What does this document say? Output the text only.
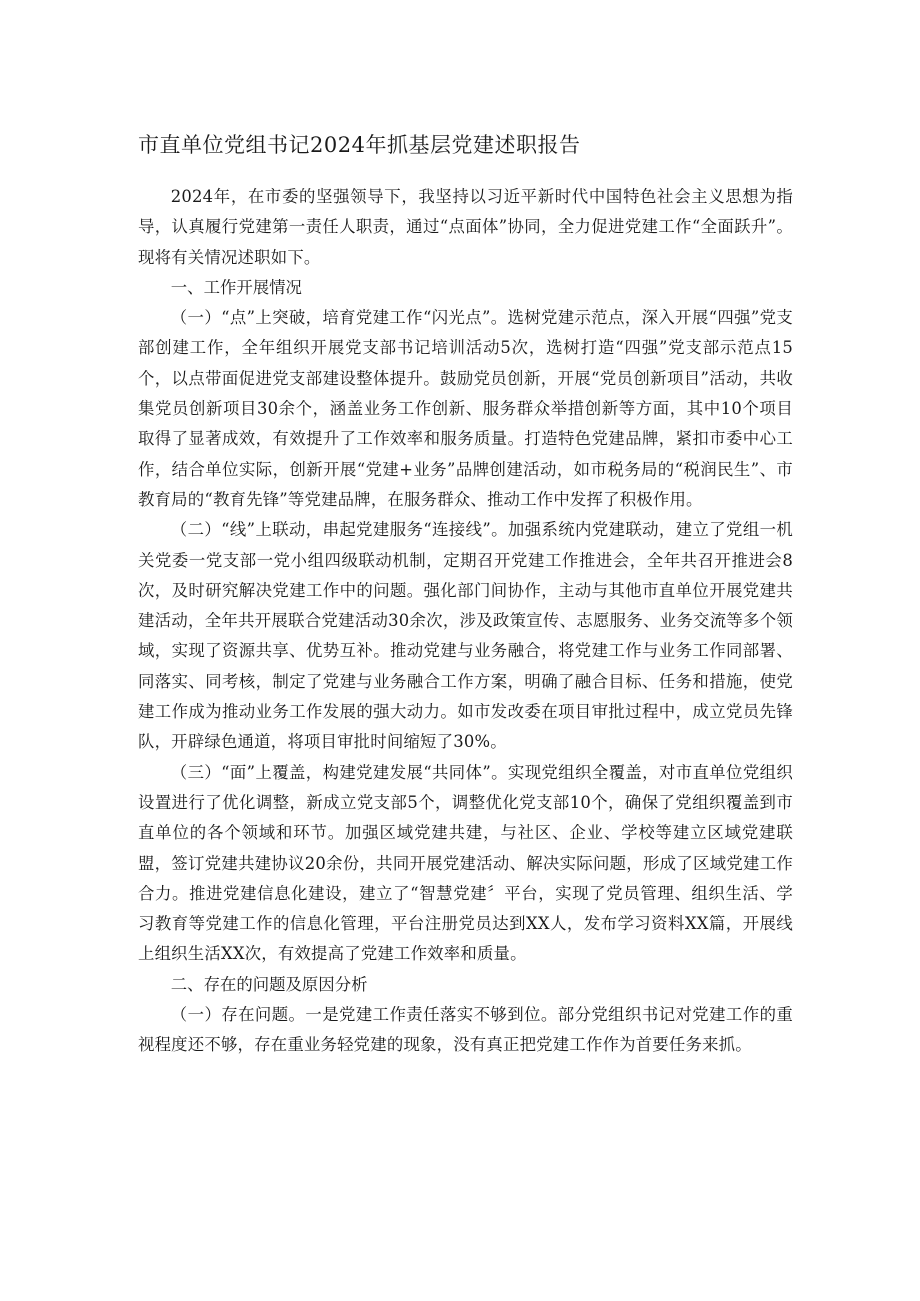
市直单位党组书记2024年抓基层党建述职报告

2024年，在市委的坚强领导下，我坚持以习近平新时代中国特色社会主义思想为指导，认真履行党建第一责任人职责，通过“点面体”协同，全力促进党建工作“全面跃升”。现将有关情况述职如下。

一、工作开展情况

（一）“点”上突破，培育党建工作“闪光点”。选树党建示范点，深入开展“四强”党支部创建工作，全年组织开展党支部书记培训活动5次，选树打造“四强”党支部示范点15个，以点带面促进党支部建设整体提升。鼓励党员创新，开展“党员创新项目”活动，共收集党员创新项目30余个，涵盖业务工作创新、服务群众举措创新等方面，其中10个项目取得了显著成效，有效提升了工作效率和服务质量。打造特色党建品牌，紧扣市委中心工作，结合单位实际，创新开展“党建+业务”品牌创建活动，如市税务局的“税润民生”、市教育局的“教育先锋”等党建品牌，在服务群众、推动工作中发挥了积极作用。

（二）“线”上联动，串起党建服务“连接线”。加强系统内党建联动，建立了党组一机关党委一党支部一党小组四级联动机制，定期召开党建工作推进会，全年共召开推进会8次，及时研究解决党建工作中的问题。强化部门间协作，主动与其他市直单位开展党建共建活动，全年共开展联合党建活动30余次，涉及政策宣传、志愿服务、业务交流等多个领域，实现了资源共享、优势互补。推动党建与业务融合，将党建工作与业务工作同部署、同落实、同考核，制定了党建与业务融合工作方案，明确了融合目标、任务和措施，使党建工作成为推动业务工作发展的强大动力。如市发改委在项目审批过程中，成立党员先锋队，开辟绿色通道，将项目审批时间缩短了30%。

（三）“面”上覆盖，构建党建发展“共同体”。实现党组织全覆盖，对市直单位党组织设置进行了优化调整，新成立党支部5个，调整优化党支部10个，确保了党组织覆盖到市直单位的各个领域和环节。加强区域党建共建，与社区、企业、学校等建立区域党建联盟，签订党建共建协议20余份，共同开展党建活动、解决实际问题，形成了区域党建工作合力。推进党建信息化建设，建立了“智慧党建〞平台，实现了党员管理、组织生活、学习教育等党建工作的信息化管理，平台注册党员达到XX人，发布学习资料XX篇，开展线上组织生活XX次，有效提高了党建工作效率和质量。

二、存在的问题及原因分析

（一）存在问题。一是党建工作责任落实不够到位。部分党组织书记对党建工作的重视程度还不够，存在重业务轻党建的现象，没有真正把党建工作作为首要任务来抓。
